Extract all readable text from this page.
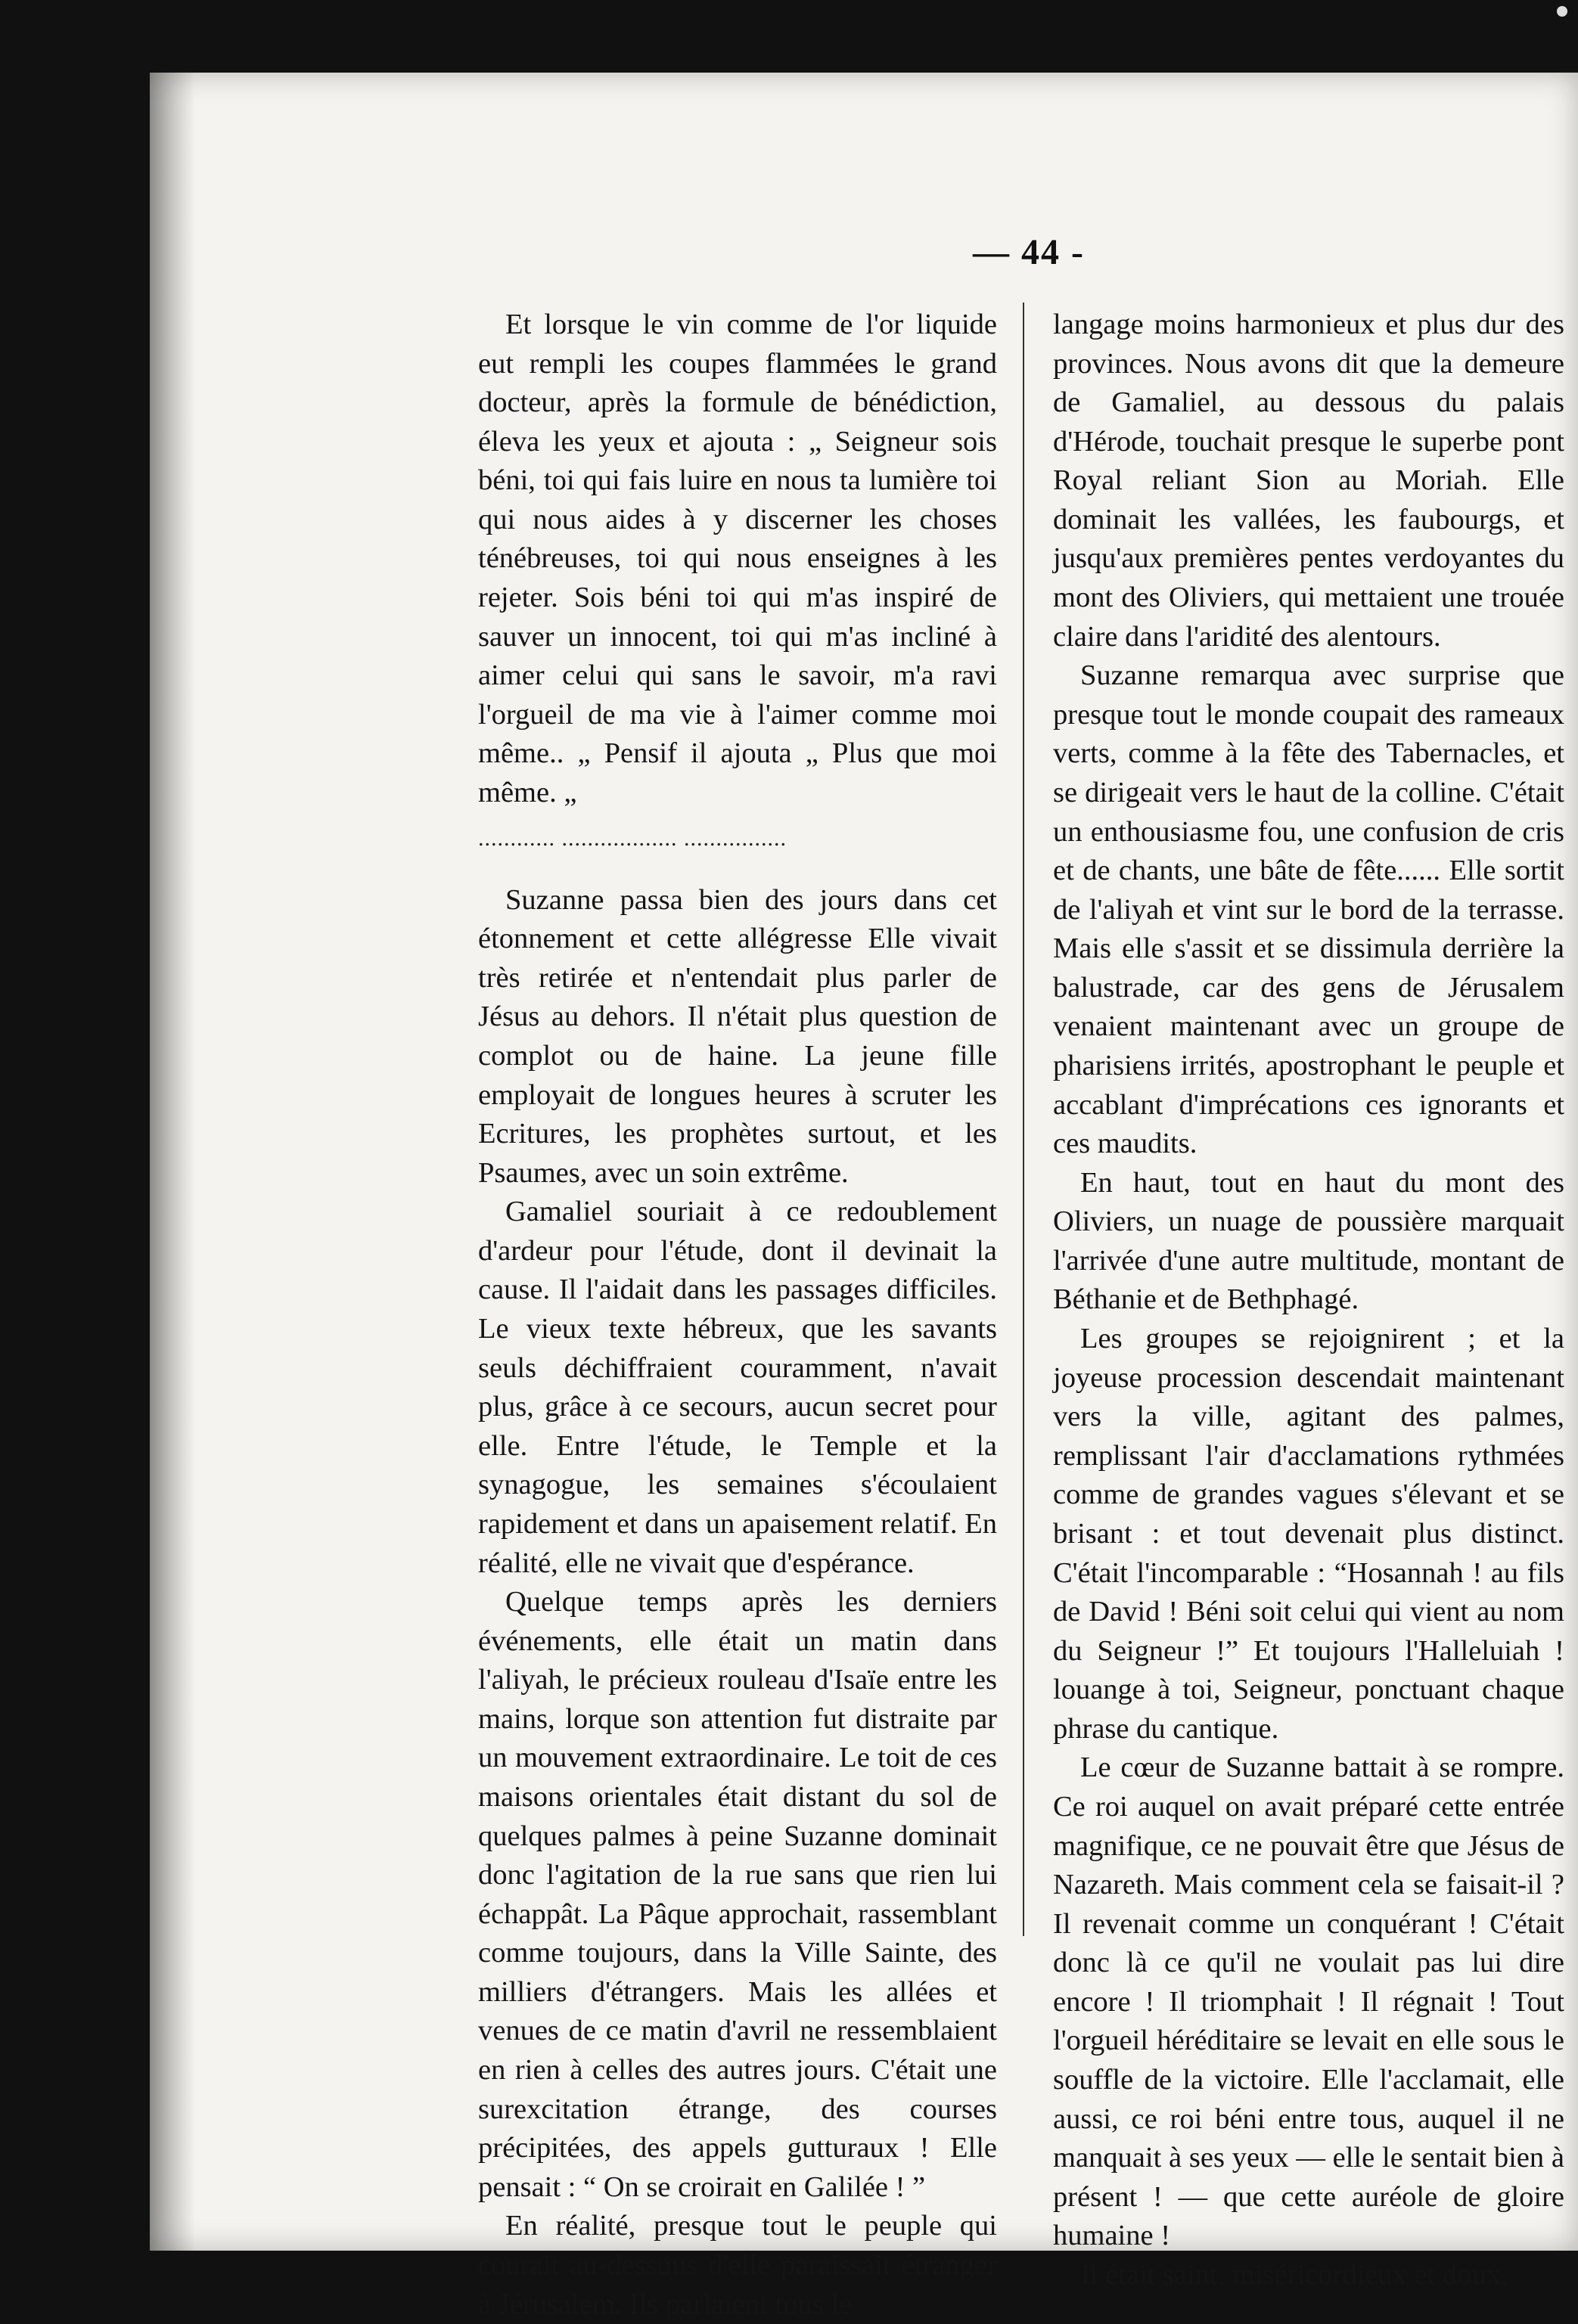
— 44 -

Et lorsque le vin comme de l'or liquide eut rempli les coupes flammées le grand docteur, après la formule de bénédiction, éleva les yeux et ajouta : „ Seigneur sois béni, toi qui fais luire en nous ta lumière toi qui nous aides à y discerner les choses ténébreuses, toi qui nous enseignes à les rejeter. Sois béni toi qui m'as inspiré de sauver un innocent, toi qui m'as incliné à aimer celui qui sans le savoir, m'a ravi l'orgueil de ma vie à l'aimer comme moi même.. „ Pensif il ajouta „ Plus que moi même. „

............ .................. ................

Suzanne passa bien des jours dans cet étonnement et cette allégresse Elle vivait très retirée et n'entendait plus parler de Jésus au dehors. Il n'était plus question de complot ou de haine. La jeune fille employait de longues heures à scruter les Ecritures, les prophètes surtout, et les Psaumes, avec un soin extrême.

Gamaliel souriait à ce redoublement d'ardeur pour l'étude, dont il devinait la cause. Il l'aidait dans les passages difficiles. Le vieux texte hébreux, que les savants seuls déchiffraient couramment, n'avait plus, grâce à ce secours, aucun secret pour elle. Entre l'étude, le Temple et la synagogue, les semaines s'écoulaient rapidement et dans un apaisement relatif. En réalité, elle ne vivait que d'espérance.

Quelque temps après les derniers événements, elle était un matin dans l'aliyah, le précieux rouleau d'Isaïe entre les mains, lorque son attention fut distraite par un mouvement extraordinaire. Le toit de ces maisons orientales était distant du sol de quelques palmes à peine Suzanne dominait donc l'agitation de la rue sans que rien lui échappât. La Pâque approchait, rassemblant comme toujours, dans la Ville Sainte, des milliers d'étrangers. Mais les allées et venues de ce matin d'avril ne ressemblaient en rien à celles des autres jours. C'était une surexcitation étrange, des courses précipitées, des appels gutturaux ! Elle pensait : “ On se croirait en Galilée ! ”

En réalité, presque tout le peuple qui courait au-dessous d'elle paraissait étranger à Jérusalem. Ils parlaient tous le

langage moins harmonieux et plus dur des provinces. Nous avons dit que la demeure de Gamaliel, au dessous du palais d'Hérode, touchait presque le superbe pont Royal reliant Sion au Moriah. Elle dominait les vallées, les faubourgs, et jusqu'aux premières pentes verdoyantes du mont des Oliviers, qui mettaient une trouée claire dans l'aridité des alentours.

Suzanne remarqua avec surprise que presque tout le monde coupait des rameaux verts, comme à la fête des Tabernacles, et se dirigeait vers le haut de la colline. C'était un enthousiasme fou, une confusion de cris et de chants, une bâte de fête...... Elle sortit de l'aliyah et vint sur le bord de la terrasse. Mais elle s'assit et se dissimula derrière la balustrade, car des gens de Jérusalem venaient maintenant avec un groupe de pharisiens irrités, apostrophant le peuple et accablant d'imprécations ces ignorants et ces maudits.

En haut, tout en haut du mont des Oliviers, un nuage de poussière marquait l'arrivée d'une autre multitude, montant de Béthanie et de Bethphagé.

Les groupes se rejoignirent ; et la joyeuse procession descendait maintenant vers la ville, agitant des palmes, remplissant l'air d'acclamations rythmées comme de grandes vagues s'élevant et se brisant : et tout devenait plus distinct. C'était l'incomparable : “Hosannah ! au fils de David ! Béni soit celui qui vient au nom du Seigneur !” Et toujours l'Halleluiah ! louange à toi, Seigneur, ponctuant chaque phrase du cantique.

Le cœur de Suzanne battait à se rompre. Ce roi auquel on avait préparé cette entrée magnifique, ce ne pouvait être que Jésus de Nazareth. Mais comment cela se faisait-il ? Il revenait comme un conquérant ! C'était donc là ce qu'il ne voulait pas lui dire encore ! Il triomphait ! Il régnait ! Tout l'orgueil héréditaire se levait en elle sous le souffle de la victoire. Elle l'acclamait, elle aussi, ce roi béni entre tous, auquel il ne manquait à ses yeux — elle le sentait bien à présent ! — que cette auréole de gloire humaine !

Il était saint, miséricordieux et doux,
